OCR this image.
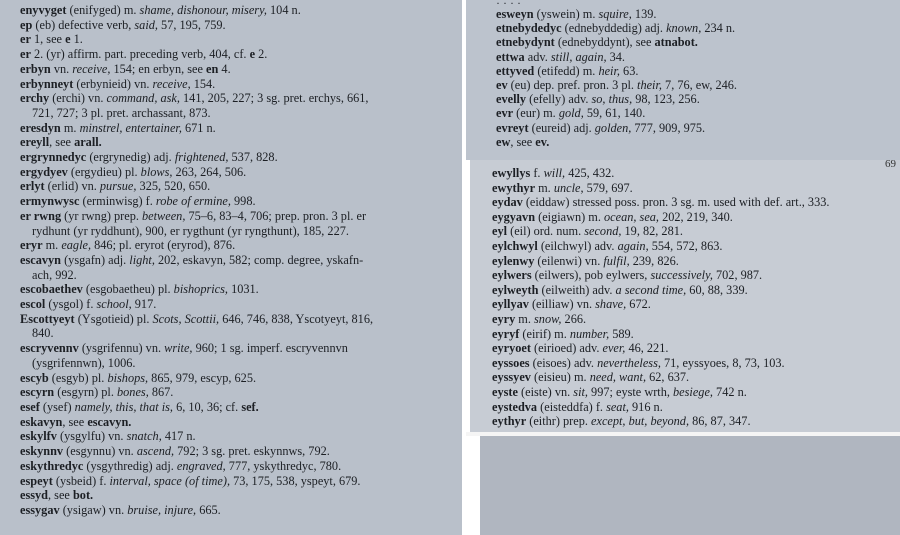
enyvyget (enifyged) m. shame, dishonour, misery, 104 n.
ep (eb) defective verb, said, 57, 195, 759.
er 1, see e 1.
er 2. (yr) affirm. part. preceding verb, 404, cf. e 2.
erbyn vn. receive, 154; en erbyn, see en 4.
erbynneyt (erbynieid) vn. receive, 154.
erchy (erchi) vn. command, ask, 141, 205, 227; 3 sg. pret. erchys, 661,
721, 727; 3 pl. pret. archassant, 873.
eresdyn m. minstrel, entertainer, 671 n.
ereyll, see arall.
ergrynnedyc (ergrynedig) adj. frightened, 537, 828.
ergydyev (ergydieu) pl. blows, 263, 264, 506.
erlyt (erlid) vn. pursue, 325, 520, 650.
ermynwysc (erminwisg) f. robe of ermine, 998.
er rwng (yr rwng) prep. between, 75–6, 83–4, 706; prep. pron. 3 pl. er
rydhunt (yr ryddhunt), 900, er rygthunt (yr ryngthunt), 185, 227.
eryr m. eagle, 846; pl. eryrot (eryrod), 876.
escavyn (ysgafn) adj. light, 202, eskavyn, 582; comp. degree, yskafn-
ach, 992.
escobaethev (esgobaetheu) pl. bishoprics, 1031.
escol (ysgol) f. school, 917.
Escottyeyt (Ysgotieid) pl. Scots, Scottii, 646, 746, 838, Yscotyeyt, 816,
840.
escryvennv (ysgrifennu) vn. write, 960; 1 sg. imperf. escryvennvn
(ysgrifennwn), 1006.
escyb (esgyb) pl. bishops, 865, 979, escyp, 625.
escyrn (esgyrn) pl. bones, 867.
esef (ysef) namely, this, that is, 6, 10, 36; cf. sef.
eskavyn, see escavyn.
eskylfv (ysgylfu) vn. snatch, 417 n.
eskynnv (esgynnu) vn. ascend, 792; 3 sg. pret. eskynnws, 792.
eskythredyc (ysgythredig) adj. engraved, 777, yskythredyc, 780.
espeyt (ysbeid) f. interval, space (of time), 73, 175, 538, yspeyt, 679.
essyd, see bot.
essygav (ysigaw) vn. bruise, injure, 665.
· · · ·
esweyn (yswein) m. squire, 139.
etnebydedyc (ednebyddedig) adj. known, 234 n.
etnebydynt (ednebyddynt), see atnabot.
ettwa adv. still, again, 34.
ettyved (etifedd) m. heir, 63.
ev (eu) dep. pref. pron. 3 pl. their, 7, 76, ew, 246.
evelly (efelly) adv. so, thus, 98, 123, 256.
evr (eur) m. gold, 59, 61, 140.
evreyt (eureid) adj. golden, 777, 909, 975.
ew, see ev.
ewyllys f. will, 425, 432.
ewythyr m. uncle, 579, 697.
eydav (eiddaw) stressed poss. pron. 3 sg. m. used with def. art., 333.
eygyavn (eigiawn) m. ocean, sea, 202, 219, 340.
eyl (eil) ord. num. second, 19, 82, 281.
eylchwyl (eilchwyl) adv. again, 554, 572, 863.
eylenwy (eilenwi) vn. fulfil, 239, 826.
eylwers (eilwers), pob eylwers, successively, 702, 987.
eylweyth (eilweith) adv. a second time, 60, 88, 339.
eyllyav (eilliaw) vn. shave, 672.
eyry m. snow, 266.
eyryf (eirif) m. number, 589.
eyryoet (eirioed) adv. ever, 46, 221.
eyssoes (eisoes) adv. nevertheless, 71, eyssyoes, 8, 73, 103.
eyssyev (eisieu) m. need, want, 62, 637.
eyste (eiste) vn. sit, 997; eyste wrth, besiege, 742 n.
eystedva (eisteddfa) f. seat, 916 n.
eythyr (eithr) prep. except, but, beyond, 86, 87, 347.
69
